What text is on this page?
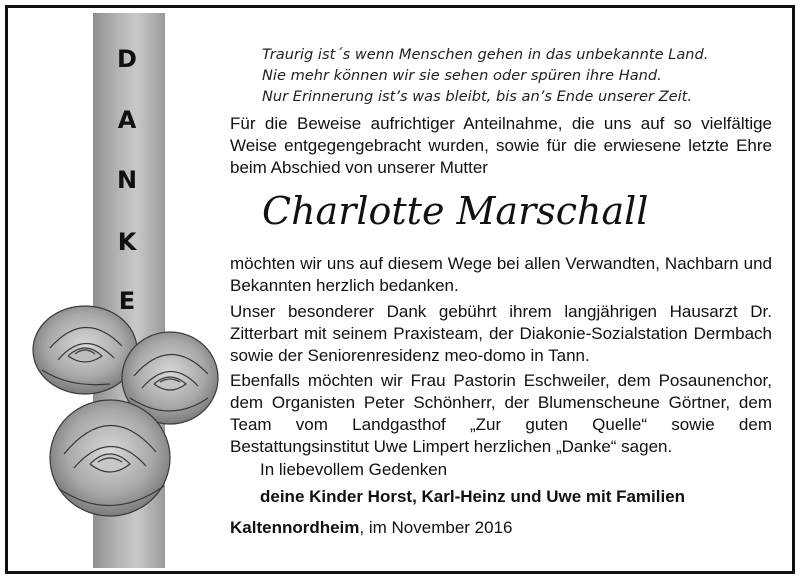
D
A
N
K
E
Traurig ist´s wenn Menschen gehen in das unbekannte Land.
Nie mehr können wir sie sehen oder spüren ihre Hand.
Nur Erinnerung ist’s was bleibt, bis an’s Ende unserer Zeit.
Für die Beweise aufrichtiger Anteilnahme, die uns auf so vielfältige Weise entgegengebracht wurden, sowie für die erwiesene letzte Ehre beim Abschied von unserer Mutter
Charlotte Marschall
möchten wir uns auf diesem Wege bei allen Verwandten, Nachbarn und Bekannten herzlich bedanken.
Unser besonderer Dank gebührt ihrem langjährigen Hausarzt Dr. Zitterbart mit seinem Praxisteam, der Diakonie-Sozialstation Dermbach sowie der Seniorenresidenz meo-domo in Tann.
Ebenfalls möchten wir Frau Pastorin Eschweiler, dem Posaunenchor, dem Organisten Peter Schönherr, der Blumenscheune Görtner, dem Team vom Landgasthof „Zur guten Quelle“ sowie dem Bestattungsinstitut Uwe Limpert herzlichen „Danke“ sagen.
In liebevollem Gedenken
deine Kinder Horst, Karl-Heinz und Uwe mit Familien
Kaltennordheim, im November 2016
